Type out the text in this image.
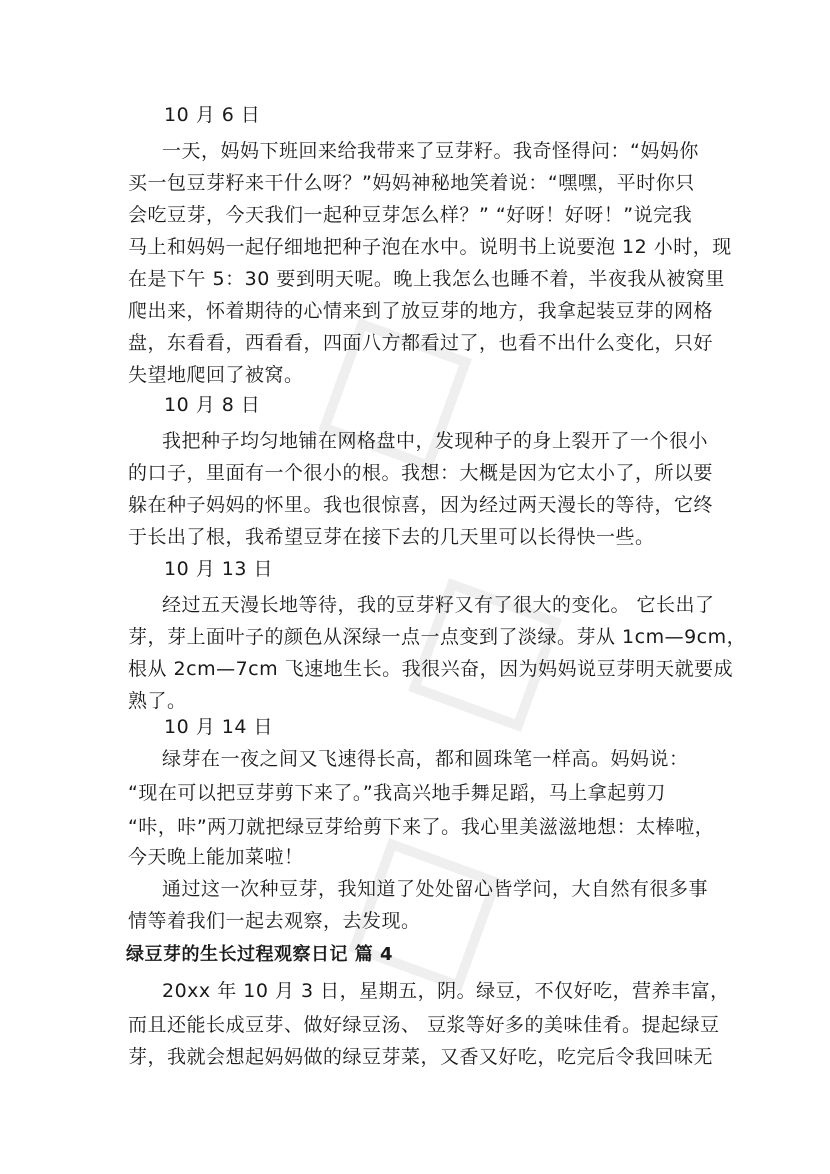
10 月 6 日
一天，妈妈下班回来给我带来了豆芽籽。我奇怪得问：“妈妈你
买一包豆芽籽来干什么呀？”妈妈神秘地笑着说：“嘿嘿，平时你只
会吃豆芽，今天我们一起种豆芽怎么样？” “好呀！好呀！”说完我
马上和妈妈一起仔细地把种子泡在水中。说明书上说要泡 12 小时，现
在是下午 5：30 要到明天呢。晚上我怎么也睡不着，半夜我从被窝里
爬出来，怀着期待的心情来到了放豆芽的地方，我拿起装豆芽的网格
盘，东看看，西看看，四面八方都看过了，也看不出什么变化，只好
失望地爬回了被窝。
10 月 8 日
我把种子均匀地铺在网格盘中，发现种子的身上裂开了一个很小
的口子，里面有一个很小的根。我想：大概是因为它太小了，所以要
躲在种子妈妈的怀里。我也很惊喜，因为经过两天漫长的等待，它终
于长出了根，我希望豆芽在接下去的几天里可以长得快一些。
10 月 13 日
经过五天漫长地等待，我的豆芽籽又有了很大的变化。 它长出了
芽，芽上面叶子的颜色从深绿一点一点变到了淡绿。芽从 1cm—9cm，
根从 2cm—7cm 飞速地生长。我很兴奋，因为妈妈说豆芽明天就要成
熟了。
10 月 14 日
绿芽在一夜之间又飞速得长高，都和圆珠笔一样高。妈妈说：
“现在可以把豆芽剪下来了。”我高兴地手舞足蹈，马上拿起剪刀
“咔，咔”两刀就把绿豆芽给剪下来了。我心里美滋滋地想：太棒啦，
今天晚上能加菜啦！
通过这一次种豆芽，我知道了处处留心皆学问，大自然有很多事
情等着我们一起去观察，去发现。
绿豆芽的生长过程观察日记 篇 4
20xx 年 10 月 3 日，星期五，阴。绿豆，不仅好吃，营养丰富，
而且还能长成豆芽、做好绿豆汤、 豆浆等好多的美味佳肴。提起绿豆
芽，我就会想起妈妈做的绿豆芽菜，又香又好吃，吃完后令我回味无
